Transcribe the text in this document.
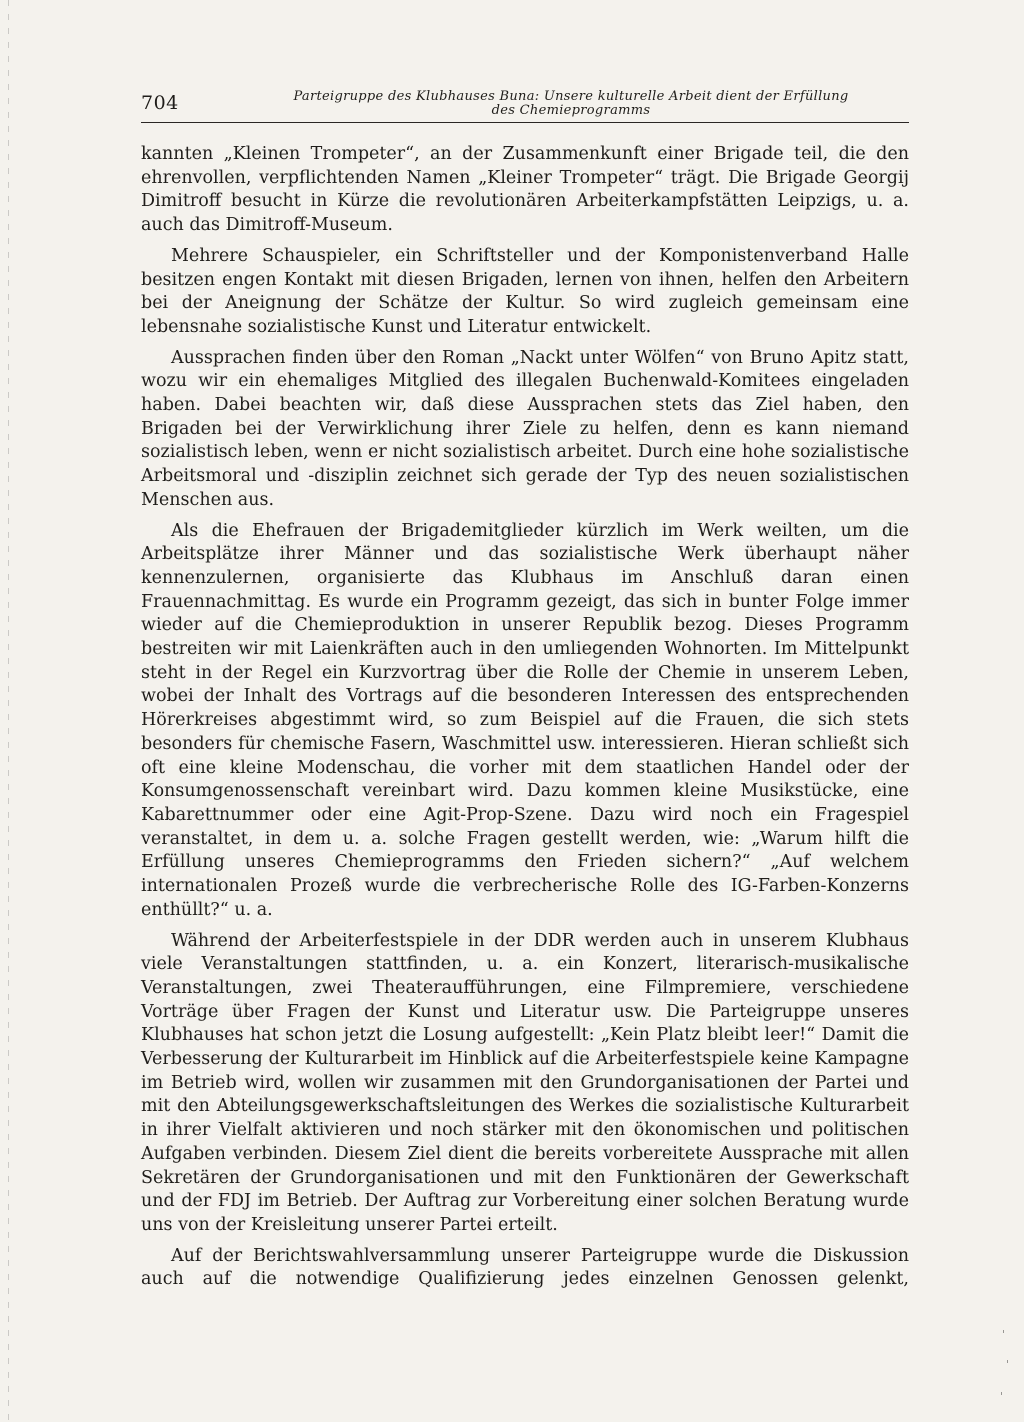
704	Parteigruppe des Klubhauses Buna: Unsere kulturelle Arbeit dient der Erfüllung
des Chemieprogramms

kannten „Kleinen Trompeter“, an der Zusammenkunft einer Brigade teil, die den ehrenvollen, verpflichtenden Namen „Kleiner Trompeter“ trägt. Die Brigade Georgij Dimitroff besucht in Kürze die revolutionären Arbeiterkampfstätten Leipzigs, u. a. auch das Dimitroff-Museum.

Mehrere Schauspieler, ein Schriftsteller und der Komponistenverband Halle besitzen engen Kontakt mit diesen Brigaden, lernen von ihnen, helfen den Arbeitern bei der Aneignung der Schätze der Kultur. So wird zugleich gemeinsam eine lebensnahe sozialistische Kunst und Literatur entwickelt.

Aussprachen finden über den Roman „Nackt unter Wölfen“ von Bruno Apitz statt, wozu wir ein ehemaliges Mitglied des illegalen Buchenwald-Komitees eingeladen haben. Dabei beachten wir, daß diese Aussprachen stets das Ziel haben, den Brigaden bei der Verwirklichung ihrer Ziele zu helfen, denn es kann niemand sozialistisch leben, wenn er nicht sozialistisch arbeitet. Durch eine hohe sozialistische Arbeitsmoral und -disziplin zeichnet sich gerade der Typ des neuen sozialistischen Menschen aus.

Als die Ehefrauen der Brigademitglieder kürzlich im Werk weilten, um die Arbeitsplätze ihrer Männer und das sozialistische Werk überhaupt näher kennenzulernen, organisierte das Klubhaus im Anschluß daran einen Frauennachmittag. Es wurde ein Programm gezeigt, das sich in bunter Folge immer wieder auf die Chemieproduktion in unserer Republik bezog. Dieses Programm bestreiten wir mit Laienkräften auch in den umliegenden Wohnorten. Im Mittelpunkt steht in der Regel ein Kurzvortrag über die Rolle der Chemie in unserem Leben, wobei der Inhalt des Vortrags auf die besonderen Interessen des entsprechenden Hörerkreises abgestimmt wird, so zum Beispiel auf die Frauen, die sich stets besonders für chemische Fasern, Waschmittel usw. interessieren. Hieran schließt sich oft eine kleine Modenschau, die vorher mit dem staatlichen Handel oder der Konsumgenossenschaft vereinbart wird. Dazu kommen kleine Musikstücke, eine Kabarettnummer oder eine Agit-Prop-Szene. Dazu wird noch ein Fragespiel veranstaltet, in dem u. a. solche Fragen gestellt werden, wie: „Warum hilft die Erfüllung unseres Chemieprogramms den Frieden sichern?“ „Auf welchem internationalen Prozeß wurde die verbrecherische Rolle des IG-Farben-Konzerns enthüllt?“ u. a.

Während der Arbeiterfestspiele in der DDR werden auch in unserem Klubhaus viele Veranstaltungen stattfinden, u. a. ein Konzert, literarisch-musikalische Veranstaltungen, zwei Theateraufführungen, eine Filmpremiere, verschiedene Vorträge über Fragen der Kunst und Literatur usw. Die Parteigruppe unseres Klubhauses hat schon jetzt die Losung aufgestellt: „Kein Platz bleibt leer!“ Damit die Verbesserung der Kulturarbeit im Hinblick auf die Arbeiterfestspiele keine Kampagne im Betrieb wird, wollen wir zusammen mit den Grundorganisationen der Partei und mit den Abteilungsgewerkschaftsleitungen des Werkes die sozialistische Kulturarbeit in ihrer Vielfalt aktivieren und noch stärker mit den ökonomischen und politischen Aufgaben verbinden. Diesem Ziel dient die bereits vorbereitete Aussprache mit allen Sekretären der Grundorganisationen und mit den Funktionären der Gewerkschaft und der FDJ im Betrieb. Der Auftrag zur Vorbereitung einer solchen Beratung wurde uns von der Kreisleitung unserer Partei erteilt.

Auf der Berichtswahlversammlung unserer Parteigruppe wurde die Diskussion auch auf die notwendige Qualifizierung jedes einzelnen Genossen gelenkt,
